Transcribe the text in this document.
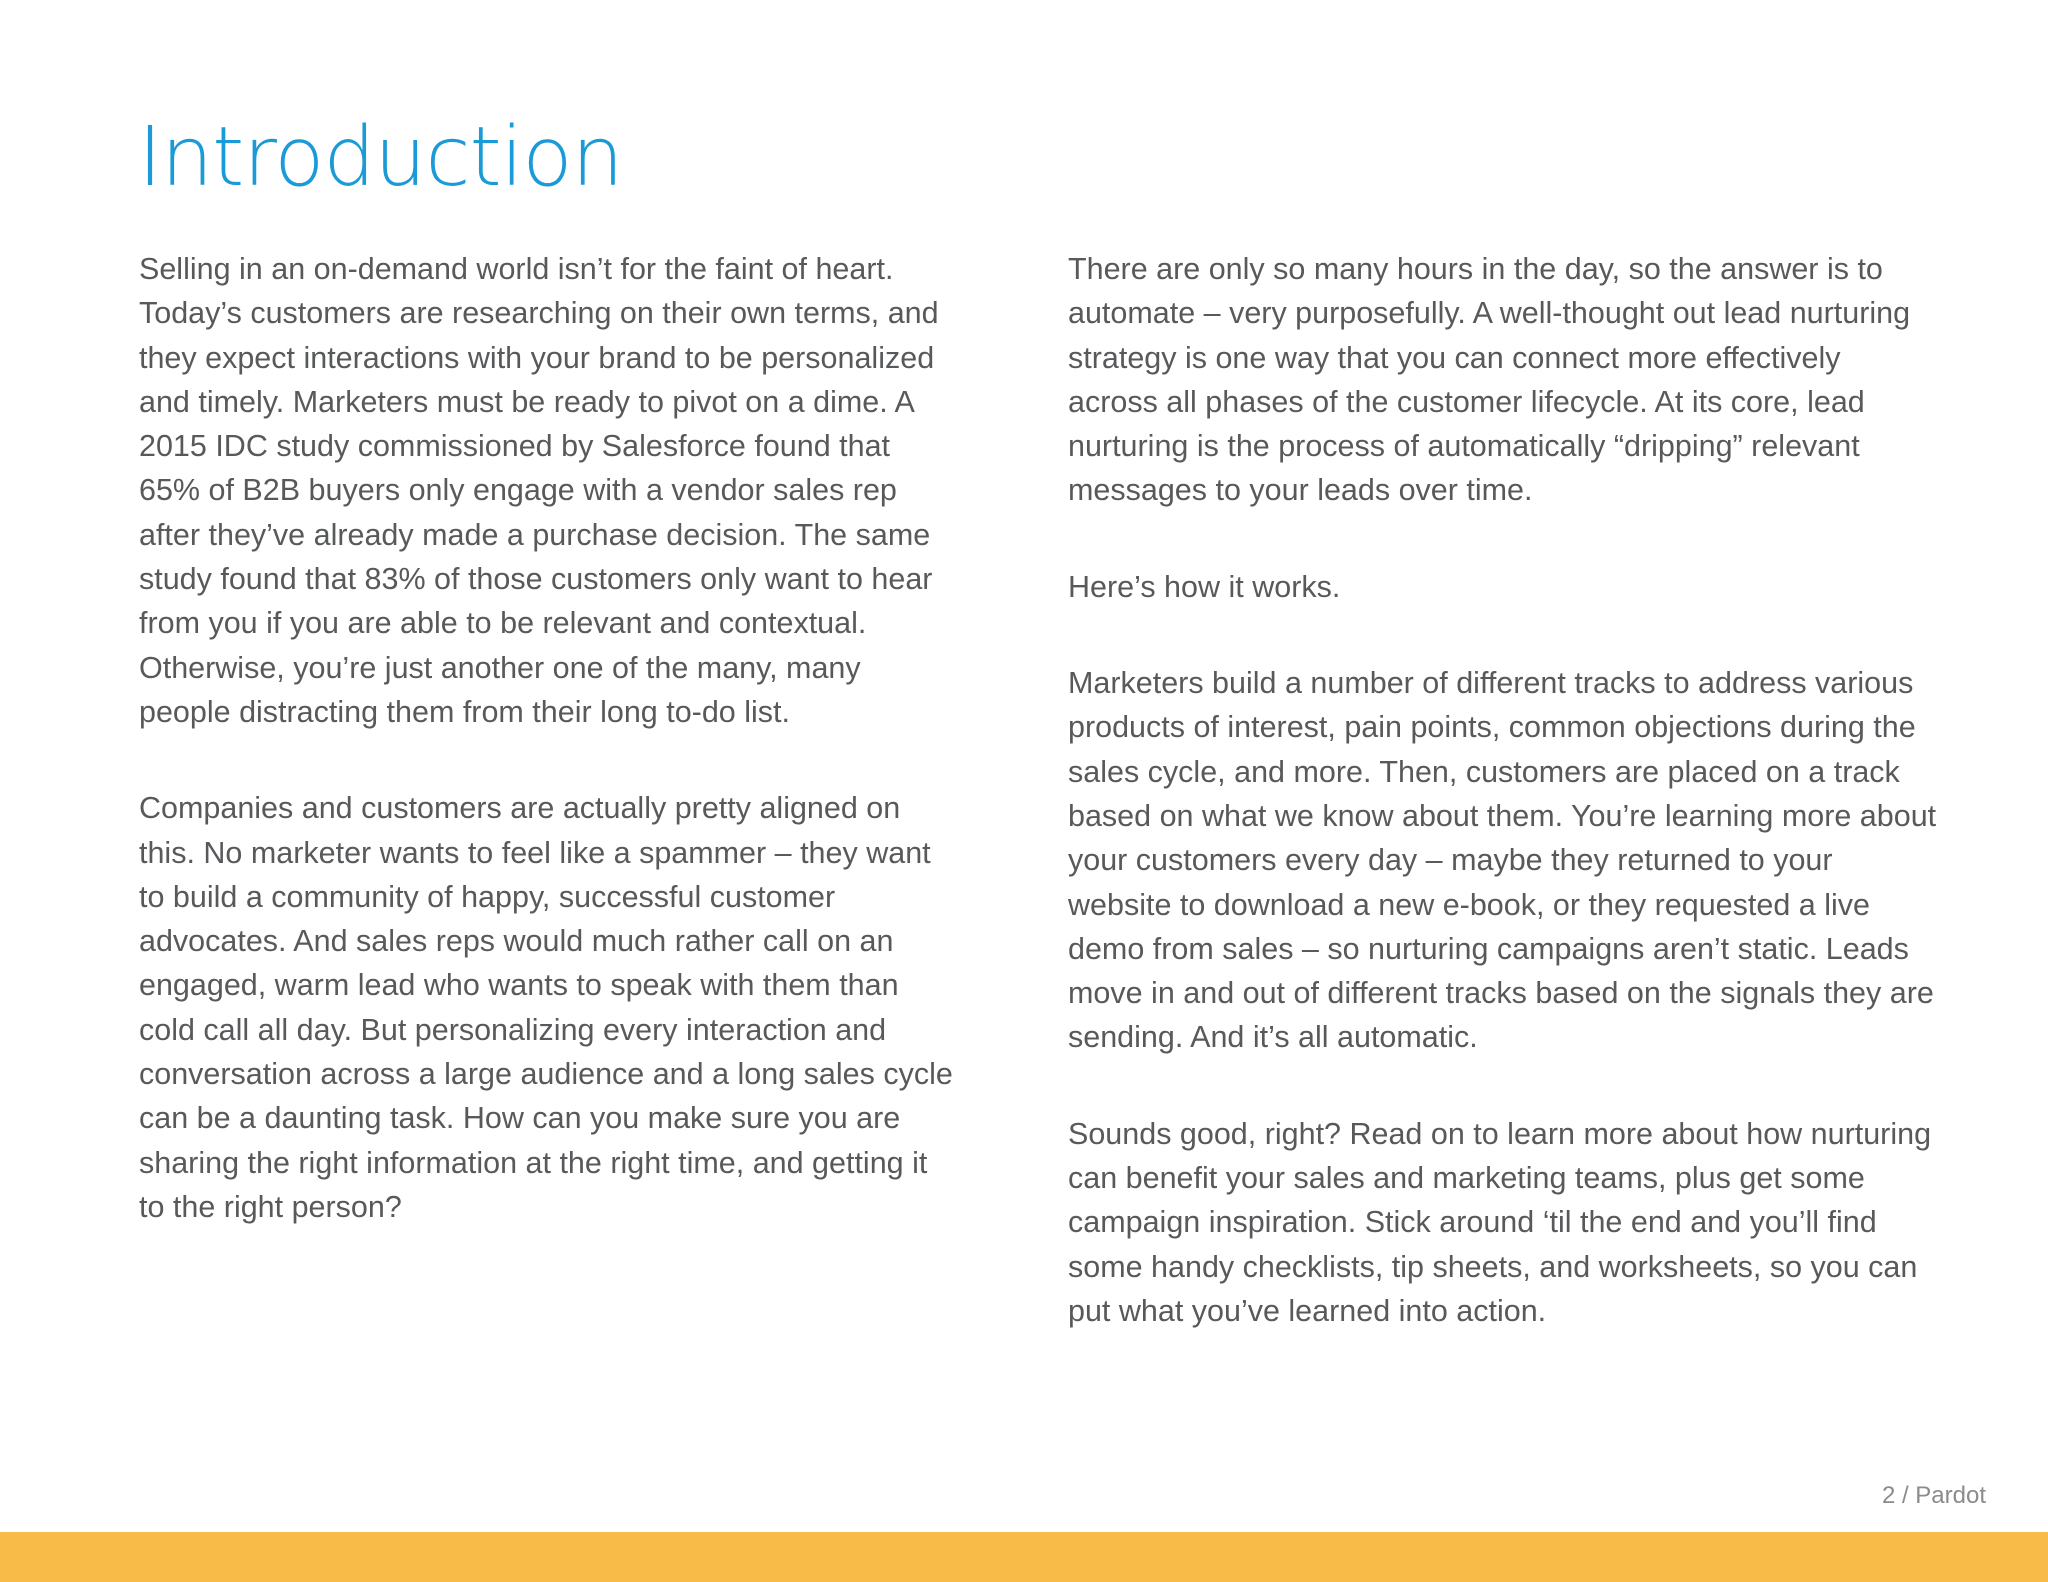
Introduction

Selling in an on-demand world isn’t for the faint of heart. Today’s customers are researching on their own terms, and they expect interactions with your brand to be personalized and timely. Marketers must be ready to pivot on a dime. A 2015 IDC study commissioned by Salesforce found that 65% of B2B buyers only engage with a vendor sales rep after they’ve already made a purchase decision. The same study found that 83% of those customers only want to hear from you if you are able to be relevant and contextual. Otherwise, you’re just another one of the many, many people distracting them from their long to-do list.

Companies and customers are actually pretty aligned on this. No marketer wants to feel like a spammer – they want to build a community of happy, successful customer advocates. And sales reps would much rather call on an engaged, warm lead who wants to speak with them than cold call all day. But personalizing every interaction and conversation across a large audience and a long sales cycle can be a daunting task. How can you make sure you are sharing the right information at the right time, and getting it to the right person?

There are only so many hours in the day, so the answer is to automate – very purposefully. A well-thought out lead nurturing strategy is one way that you can connect more effectively across all phases of the customer lifecycle. At its core, lead nurturing is the process of automatically “dripping” relevant messages to your leads over time.

Here’s how it works.

Marketers build a number of different tracks to address various products of interest, pain points, common objections during the sales cycle, and more. Then, customers are placed on a track based on what we know about them. You’re learning more about your customers every day – maybe they returned to your website to download a new e-book, or they requested a live demo from sales – so nurturing campaigns aren’t static. Leads move in and out of different tracks based on the signals they are sending. And it’s all automatic.

Sounds good, right? Read on to learn more about how nurturing can benefit your sales and marketing teams, plus get some campaign inspiration. Stick around ‘til the end and you’ll find some handy checklists, tip sheets, and worksheets, so you can put what you’ve learned into action.

2 / Pardot
